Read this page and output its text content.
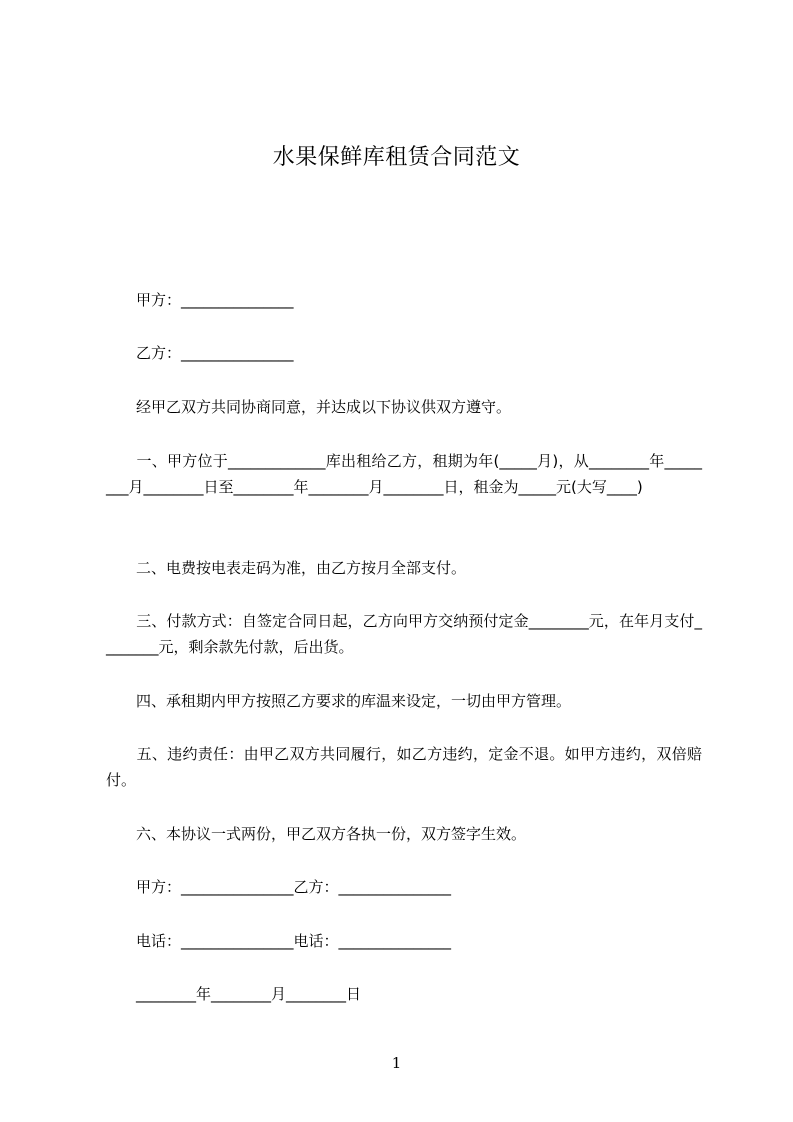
水果保鲜库租赁合同范文
　　甲方：_______________
　　乙方：_______________
　　经甲乙双方共同协商同意，并达成以下协议供双方遵守。
　　一、甲方位于_____________库出租给乙方，租期为年(_____月)，从________年________月________日至________年________月________日，租金为_____元(大写____)
　　二、电费按电表走码为准，由乙方按月全部支付。
　　三、付款方式：自签定合同日起，乙方向甲方交纳预付定金________元，在年月支付________元，剩余款先付款，后出货。
　　四、承租期内甲方按照乙方要求的库温来设定，一切由甲方管理。
　　五、违约责任：由甲乙双方共同履行，如乙方违约，定金不退。如甲方违约，双倍赔付。
　　六、本协议一式两份，甲乙双方各执一份，双方签字生效。
　　甲方：_______________乙方：_______________
　　电话：_______________电话：_______________
　　________年________月________日
1
